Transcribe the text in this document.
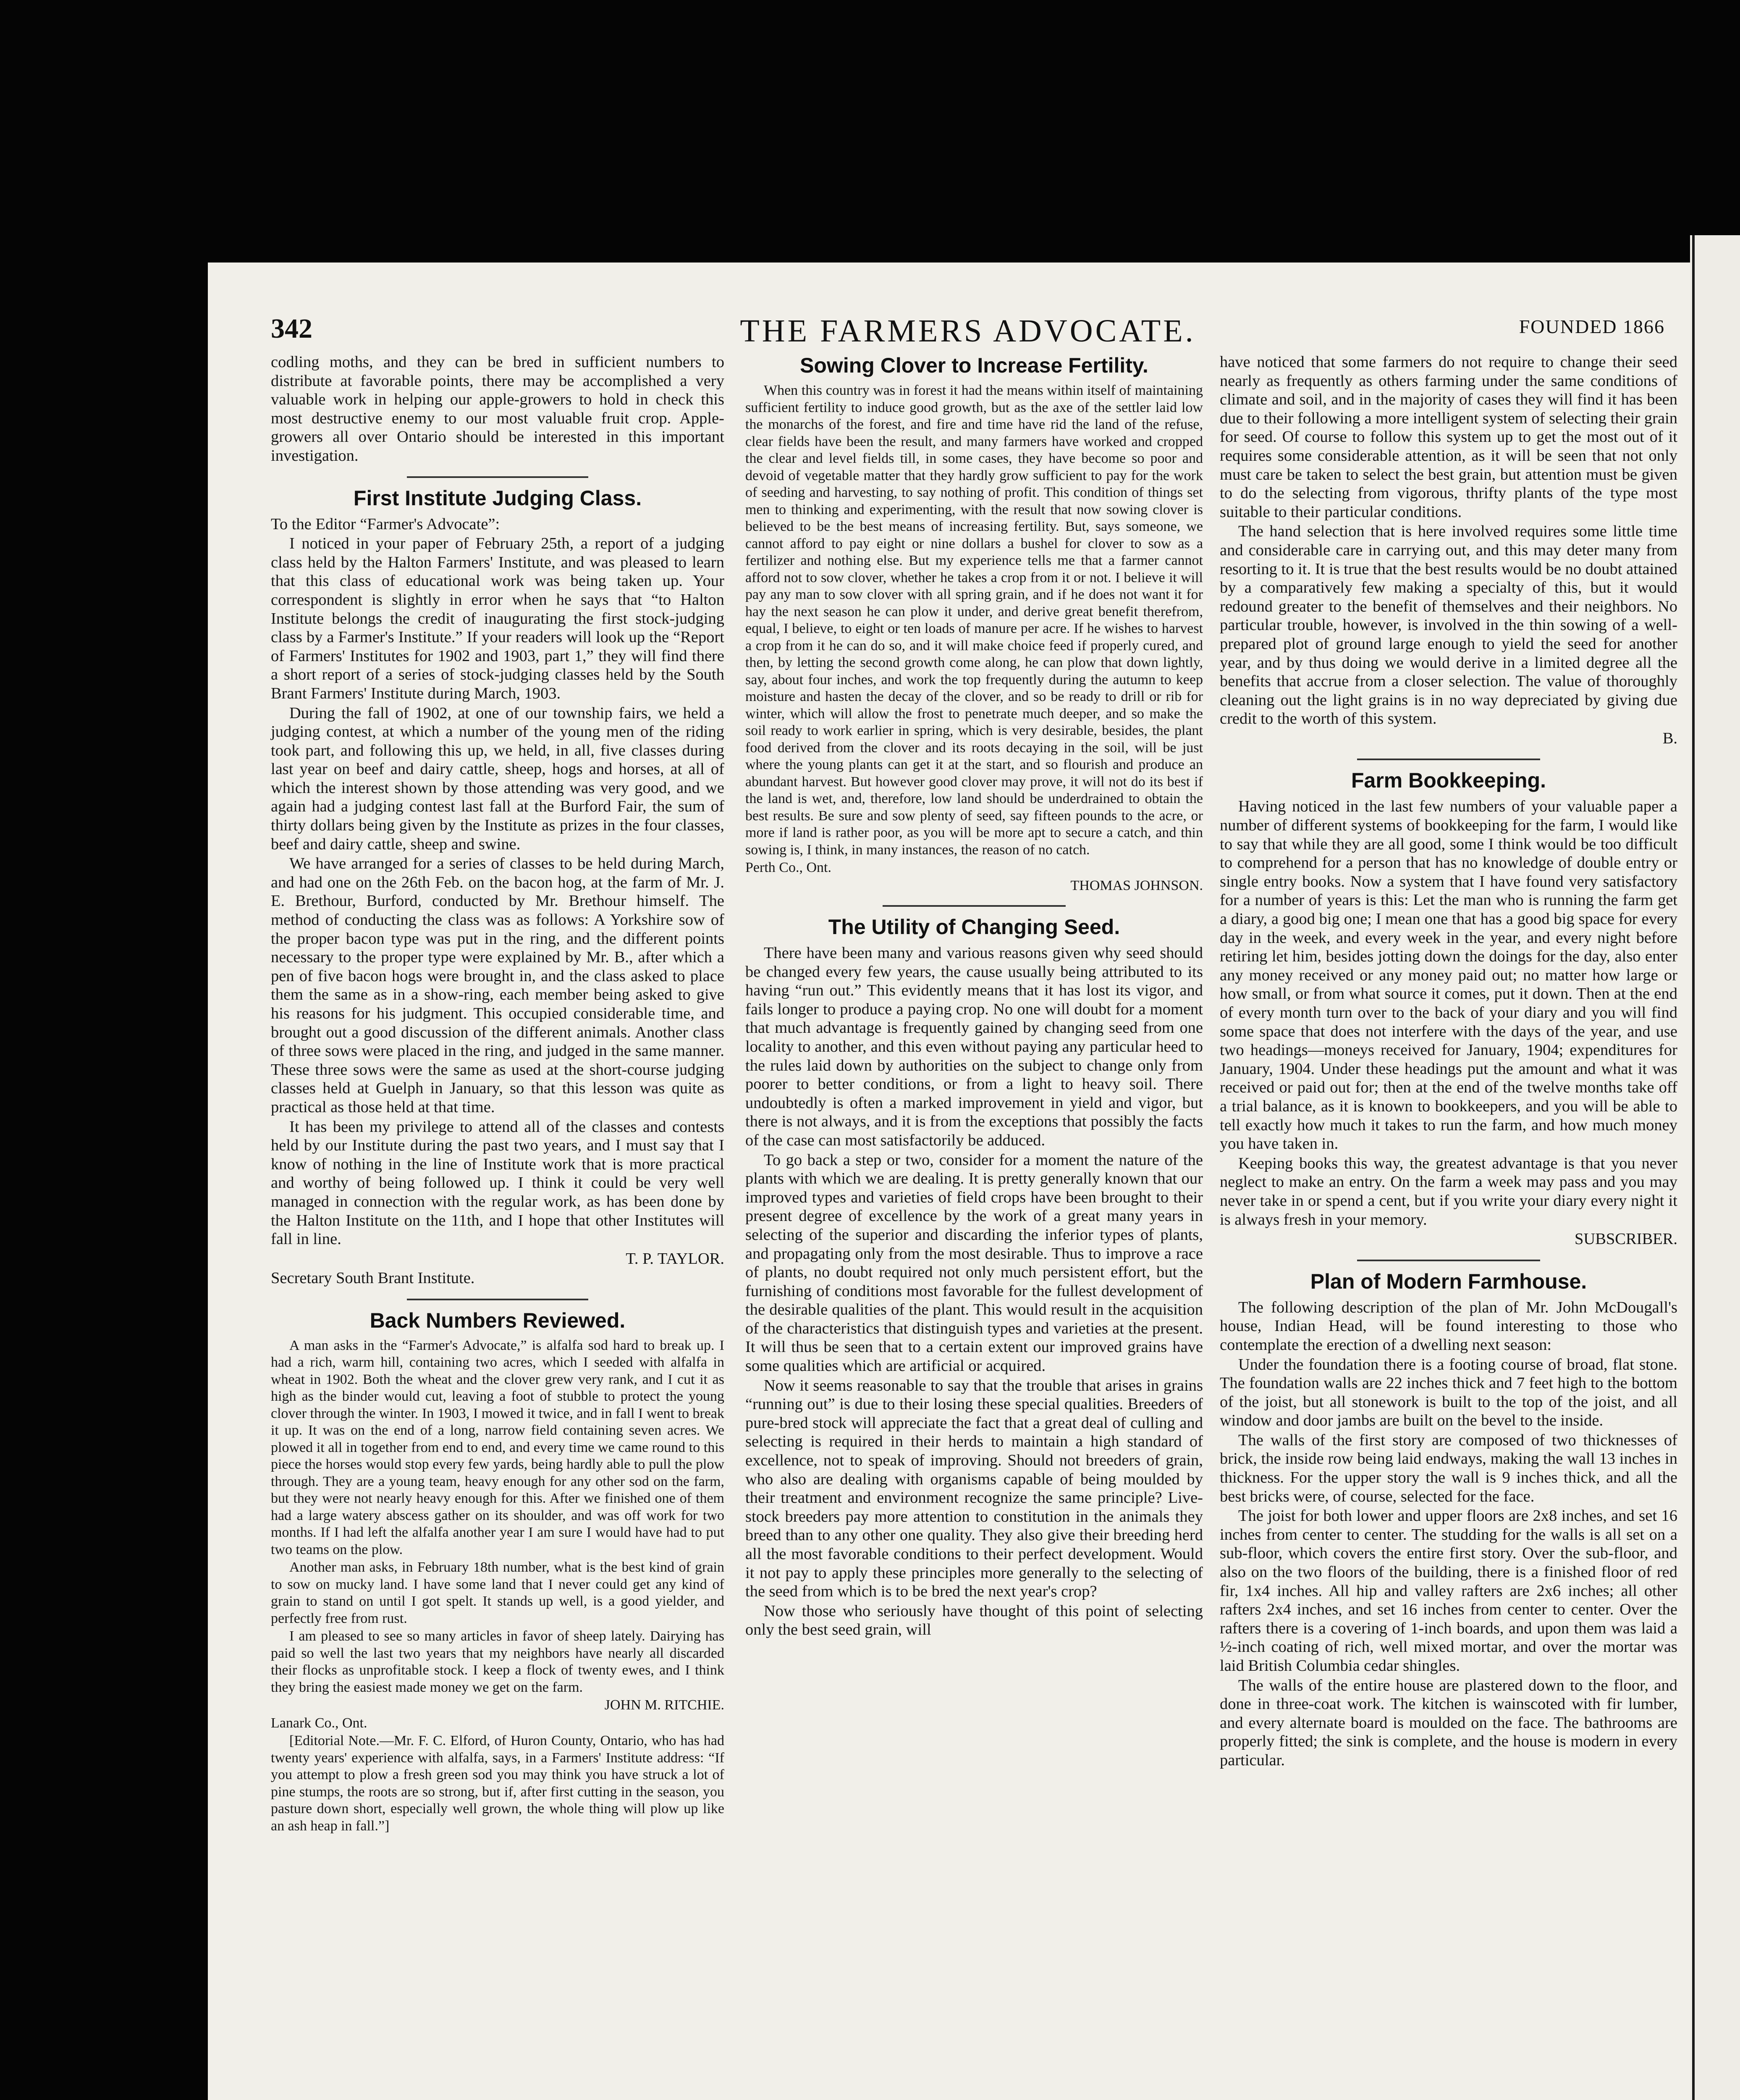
342	THE FARMERS ADVOCATE.	FOUNDED 1866

codling moths, and they can be bred in sufficient numbers to distribute at favorable points, there may be accomplished a very valuable work in helping our apple-growers to hold in check this most destructive enemy to our most valuable fruit crop. Apple-growers all over Ontario should be interested in this important investigation.

First Institute Judging Class.

To the Editor “Farmer's Advocate”:

I noticed in your paper of February 25th, a report of a judging class held by the Halton Farmers' Institute, and was pleased to learn that this class of educational work was being taken up. Your correspondent is slightly in error when he says that “to Halton Institute belongs the credit of inaugurating the first stock-judging class by a Farmer's Institute.” If your readers will look up the “Report of Farmers' Institutes for 1902 and 1903, part 1,” they will find there a short report of a series of stock-judging classes held by the South Brant Farmers' Institute during March, 1903.

During the fall of 1902, at one of our township fairs, we held a judging contest, at which a number of the young men of the riding took part, and following this up, we held, in all, five classes during last year on beef and dairy cattle, sheep, hogs and horses, at all of which the interest shown by those attending was very good, and we again had a judging contest last fall at the Burford Fair, the sum of thirty dollars being given by the Institute as prizes in the four classes, beef and dairy cattle, sheep and swine.

We have arranged for a series of classes to be held during March, and had one on the 26th Feb. on the bacon hog, at the farm of Mr. J. E. Brethour, Burford, conducted by Mr. Brethour himself. The method of conducting the class was as follows: A Yorkshire sow of the proper bacon type was put in the ring, and the different points necessary to the proper type were explained by Mr. B., after which a pen of five bacon hogs were brought in, and the class asked to place them the same as in a show-ring, each member being asked to give his reasons for his judgment. This occupied considerable time, and brought out a good discussion of the different animals. Another class of three sows were placed in the ring, and judged in the same manner. These three sows were the same as used at the short-course judging classes held at Guelph in January, so that this lesson was quite as practical as those held at that time.

It has been my privilege to attend all of the classes and contests held by our Institute during the past two years, and I must say that I know of nothing in the line of Institute work that is more practical and worthy of being followed up. I think it could be very well managed in connection with the regular work, as has been done by the Halton Institute on the 11th, and I hope that other Institutes will fall in line.

T. P. TAYLOR.

Secretary South Brant Institute.

Back Numbers Reviewed.

A man asks in the “Farmer's Advocate,” is alfalfa sod hard to break up. I had a rich, warm hill, containing two acres, which I seeded with alfalfa in wheat in 1902. Both the wheat and the clover grew very rank, and I cut it as high as the binder would cut, leaving a foot of stubble to protect the young clover through the winter. In 1903, I mowed it twice, and in fall I went to break it up. It was on the end of a long, narrow field containing seven acres. We plowed it all in together from end to end, and every time we came round to this piece the horses would stop every few yards, being hardly able to pull the plow through. They are a young team, heavy enough for any other sod on the farm, but they were not nearly heavy enough for this. After we finished one of them had a large watery abscess gather on its shoulder, and was off work for two months. If I had left the alfalfa another year I am sure I would have had to put two teams on the plow.

Another man asks, in February 18th number, what is the best kind of grain to sow on mucky land. I have some land that I never could get any kind of grain to stand on until I got spelt. It stands up well, is a good yielder, and perfectly free from rust.

I am pleased to see so many articles in favor of sheep lately. Dairying has paid so well the last two years that my neighbors have nearly all discarded their flocks as unprofitable stock. I keep a flock of twenty ewes, and I think they bring the easiest made money we get on the farm.

JOHN M. RITCHIE.

Lanark Co., Ont.

[Editorial Note.—Mr. F. C. Elford, of Huron County, Ontario, who has had twenty years' experience with alfalfa, says, in a Farmers' Institute address: “If you attempt to plow a fresh green sod you may think you have struck a lot of pine stumps, the roots are so strong, but if, after first cutting in the season, you pasture down short, especially well grown, the whole thing will plow up like an ash heap in fall.”]

Sowing Clover to Increase Fertility.

When this country was in forest it had the means within itself of maintaining sufficient fertility to induce good growth, but as the axe of the settler laid low the monarchs of the forest, and fire and time have rid the land of the refuse, clear fields have been the result, and many farmers have worked and cropped the clear and level fields till, in some cases, they have become so poor and devoid of vegetable matter that they hardly grow sufficient to pay for the work of seeding and harvesting, to say nothing of profit. This condition of things set men to thinking and experimenting, with the result that now sowing clover is believed to be the best means of increasing fertility. But, says someone, we cannot afford to pay eight or nine dollars a bushel for clover to sow as a fertilizer and nothing else. But my experience tells me that a farmer cannot afford not to sow clover, whether he takes a crop from it or not. I believe it will pay any man to sow clover with all spring grain, and if he does not want it for hay the next season he can plow it under, and derive great benefit therefrom, equal, I believe, to eight or ten loads of manure per acre. If he wishes to harvest a crop from it he can do so, and it will make choice feed if properly cured, and then, by letting the second growth come along, he can plow that down lightly, say, about four inches, and work the top frequently during the autumn to keep moisture and hasten the decay of the clover, and so be ready to drill or rib for winter, which will allow the frost to penetrate much deeper, and so make the soil ready to work earlier in spring, which is very desirable, besides, the plant food derived from the clover and its roots decaying in the soil, will be just where the young plants can get it at the start, and so flourish and produce an abundant harvest. But however good clover may prove, it will not do its best if the land is wet, and, therefore, low land should be underdrained to obtain the best results. Be sure and sow plenty of seed, say fifteen pounds to the acre, or more if land is rather poor, as you will be more apt to secure a catch, and thin sowing is, I think, in many instances, the reason of no catch.

Perth Co., Ont.

THOMAS JOHNSON.

The Utility of Changing Seed.

There have been many and various reasons given why seed should be changed every few years, the cause usually being attributed to its having “run out.” This evidently means that it has lost its vigor, and fails longer to produce a paying crop. No one will doubt for a moment that much advantage is frequently gained by changing seed from one locality to another, and this even without paying any particular heed to the rules laid down by authorities on the subject to change only from poorer to better conditions, or from a light to heavy soil. There undoubtedly is often a marked improvement in yield and vigor, but there is not always, and it is from the exceptions that possibly the facts of the case can most satisfactorily be adduced.

To go back a step or two, consider for a moment the nature of the plants with which we are dealing. It is pretty generally known that our improved types and varieties of field crops have been brought to their present degree of excellence by the work of a great many years in selecting of the superior and discarding the inferior types of plants, and propagating only from the most desirable. Thus to improve a race of plants, no doubt required not only much persistent effort, but the furnishing of conditions most favorable for the fullest development of the desirable qualities of the plant. This would result in the acquisition of the characteristics that distinguish types and varieties at the present. It will thus be seen that to a certain extent our improved grains have some qualities which are artificial or acquired.

Now it seems reasonable to say that the trouble that arises in grains “running out” is due to their losing these special qualities. Breeders of pure-bred stock will appreciate the fact that a great deal of culling and selecting is required in their herds to maintain a high standard of excellence, not to speak of improving. Should not breeders of grain, who also are dealing with organisms capable of being moulded by their treatment and environment recognize the same principle? Live-stock breeders pay more attention to constitution in the animals they breed than to any other one quality. They also give their breeding herd all the most favorable conditions to their perfect development. Would it not pay to apply these principles more generally to the selecting of the seed from which is to be bred the next year's crop?

Now those who seriously have thought of this point of selecting only the best seed grain, will

have noticed that some farmers do not require to change their seed nearly as frequently as others farming under the same conditions of climate and soil, and in the majority of cases they will find it has been due to their following a more intelligent system of selecting their grain for seed. Of course to follow this system up to get the most out of it requires some considerable attention, as it will be seen that not only must care be taken to select the best grain, but attention must be given to do the selecting from vigorous, thrifty plants of the type most suitable to their particular conditions.

The hand selection that is here involved requires some little time and considerable care in carrying out, and this may deter many from resorting to it. It is true that the best results would be no doubt attained by a comparatively few making a specialty of this, but it would redound greater to the benefit of themselves and their neighbors. No particular trouble, however, is involved in the thin sowing of a well-prepared plot of ground large enough to yield the seed for another year, and by thus doing we would derive in a limited degree all the benefits that accrue from a closer selection. The value of thoroughly cleaning out the light grains is in no way depreciated by giving due credit to the worth of this system.

B.

Farm Bookkeeping.

Having noticed in the last few numbers of your valuable paper a number of different systems of bookkeeping for the farm, I would like to say that while they are all good, some I think would be too difficult to comprehend for a person that has no knowledge of double entry or single entry books. Now a system that I have found very satisfactory for a number of years is this: Let the man who is running the farm get a diary, a good big one; I mean one that has a good big space for every day in the week, and every week in the year, and every night before retiring let him, besides jotting down the doings for the day, also enter any money received or any money paid out; no matter how large or how small, or from what source it comes, put it down. Then at the end of every month turn over to the back of your diary and you will find some space that does not interfere with the days of the year, and use two headings—moneys received for January, 1904; expenditures for January, 1904. Under these headings put the amount and what it was received or paid out for; then at the end of the twelve months take off a trial balance, as it is known to bookkeepers, and you will be able to tell exactly how much it takes to run the farm, and how much money you have taken in.

Keeping books this way, the greatest advantage is that you never neglect to make an entry. On the farm a week may pass and you may never take in or spend a cent, but if you write your diary every night it is always fresh in your memory.

SUBSCRIBER.

Plan of Modern Farmhouse.

The following description of the plan of Mr. John McDougall's house, Indian Head, will be found interesting to those who contemplate the erection of a dwelling next season:

Under the foundation there is a footing course of broad, flat stone. The foundation walls are 22 inches thick and 7 feet high to the bottom of the joist, but all stonework is built to the top of the joist, and all window and door jambs are built on the bevel to the inside.

The walls of the first story are composed of two thicknesses of brick, the inside row being laid endways, making the wall 13 inches in thickness. For the upper story the wall is 9 inches thick, and all the best bricks were, of course, selected for the face.

The joist for both lower and upper floors are 2x8 inches, and set 16 inches from center to center. The studding for the walls is all set on a sub-floor, which covers the entire first story. Over the sub-floor, and also on the two floors of the building, there is a finished floor of red fir, 1x4 inches. All hip and valley rafters are 2x6 inches; all other rafters 2x4 inches, and set 16 inches from center to center. Over the rafters there is a covering of 1-inch boards, and upon them was laid a ½-inch coating of rich, well mixed mortar, and over the mortar was laid British Columbia cedar shingles.

The walls of the entire house are plastered down to the floor, and done in three-coat work. The kitchen is wainscoted with fir lumber, and every alternate board is moulded on the face. The bathrooms are properly fitted; the sink is complete, and the house is modern in every particular.
